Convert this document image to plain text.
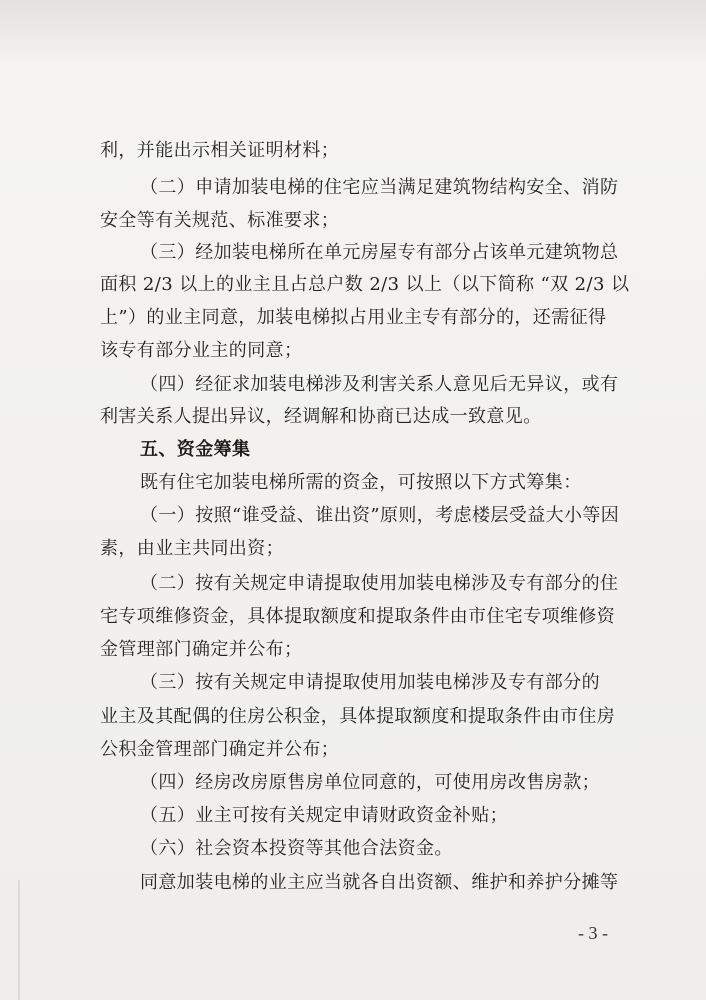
利，并能出示相关证明材料；

（二）申请加装电梯的住宅应当满足建筑物结构安全、消防

安全等有关规范、标准要求；

（三）经加装电梯所在单元房屋专有部分占该单元建筑物总

面积 2/3 以上的业主且占总户数 2/3 以上（以下简称 “双 2/3 以

上”）的业主同意，加装电梯拟占用业主专有部分的，还需征得

该专有部分业主的同意；

（四）经征求加装电梯涉及利害关系人意见后无异议，或有

利害关系人提出异议，经调解和协商已达成一致意见。

五、资金筹集

既有住宅加装电梯所需的资金，可按照以下方式筹集：

（一）按照“谁受益、谁出资”原则，考虑楼层受益大小等因

素，由业主共同出资；

（二）按有关规定申请提取使用加装电梯涉及专有部分的住

宅专项维修资金，具体提取额度和提取条件由市住宅专项维修资

金管理部门确定并公布；

（三）按有关规定申请提取使用加装电梯涉及专有部分的

业主及其配偶的住房公积金，具体提取额度和提取条件由市住房

公积金管理部门确定并公布；

（四）经房改房原售房单位同意的，可使用房改售房款；

（五）业主可按有关规定申请财政资金补贴；

（六）社会资本投资等其他合法资金。

同意加装电梯的业主应当就各自出资额、维护和养护分摊等

- 3 -
